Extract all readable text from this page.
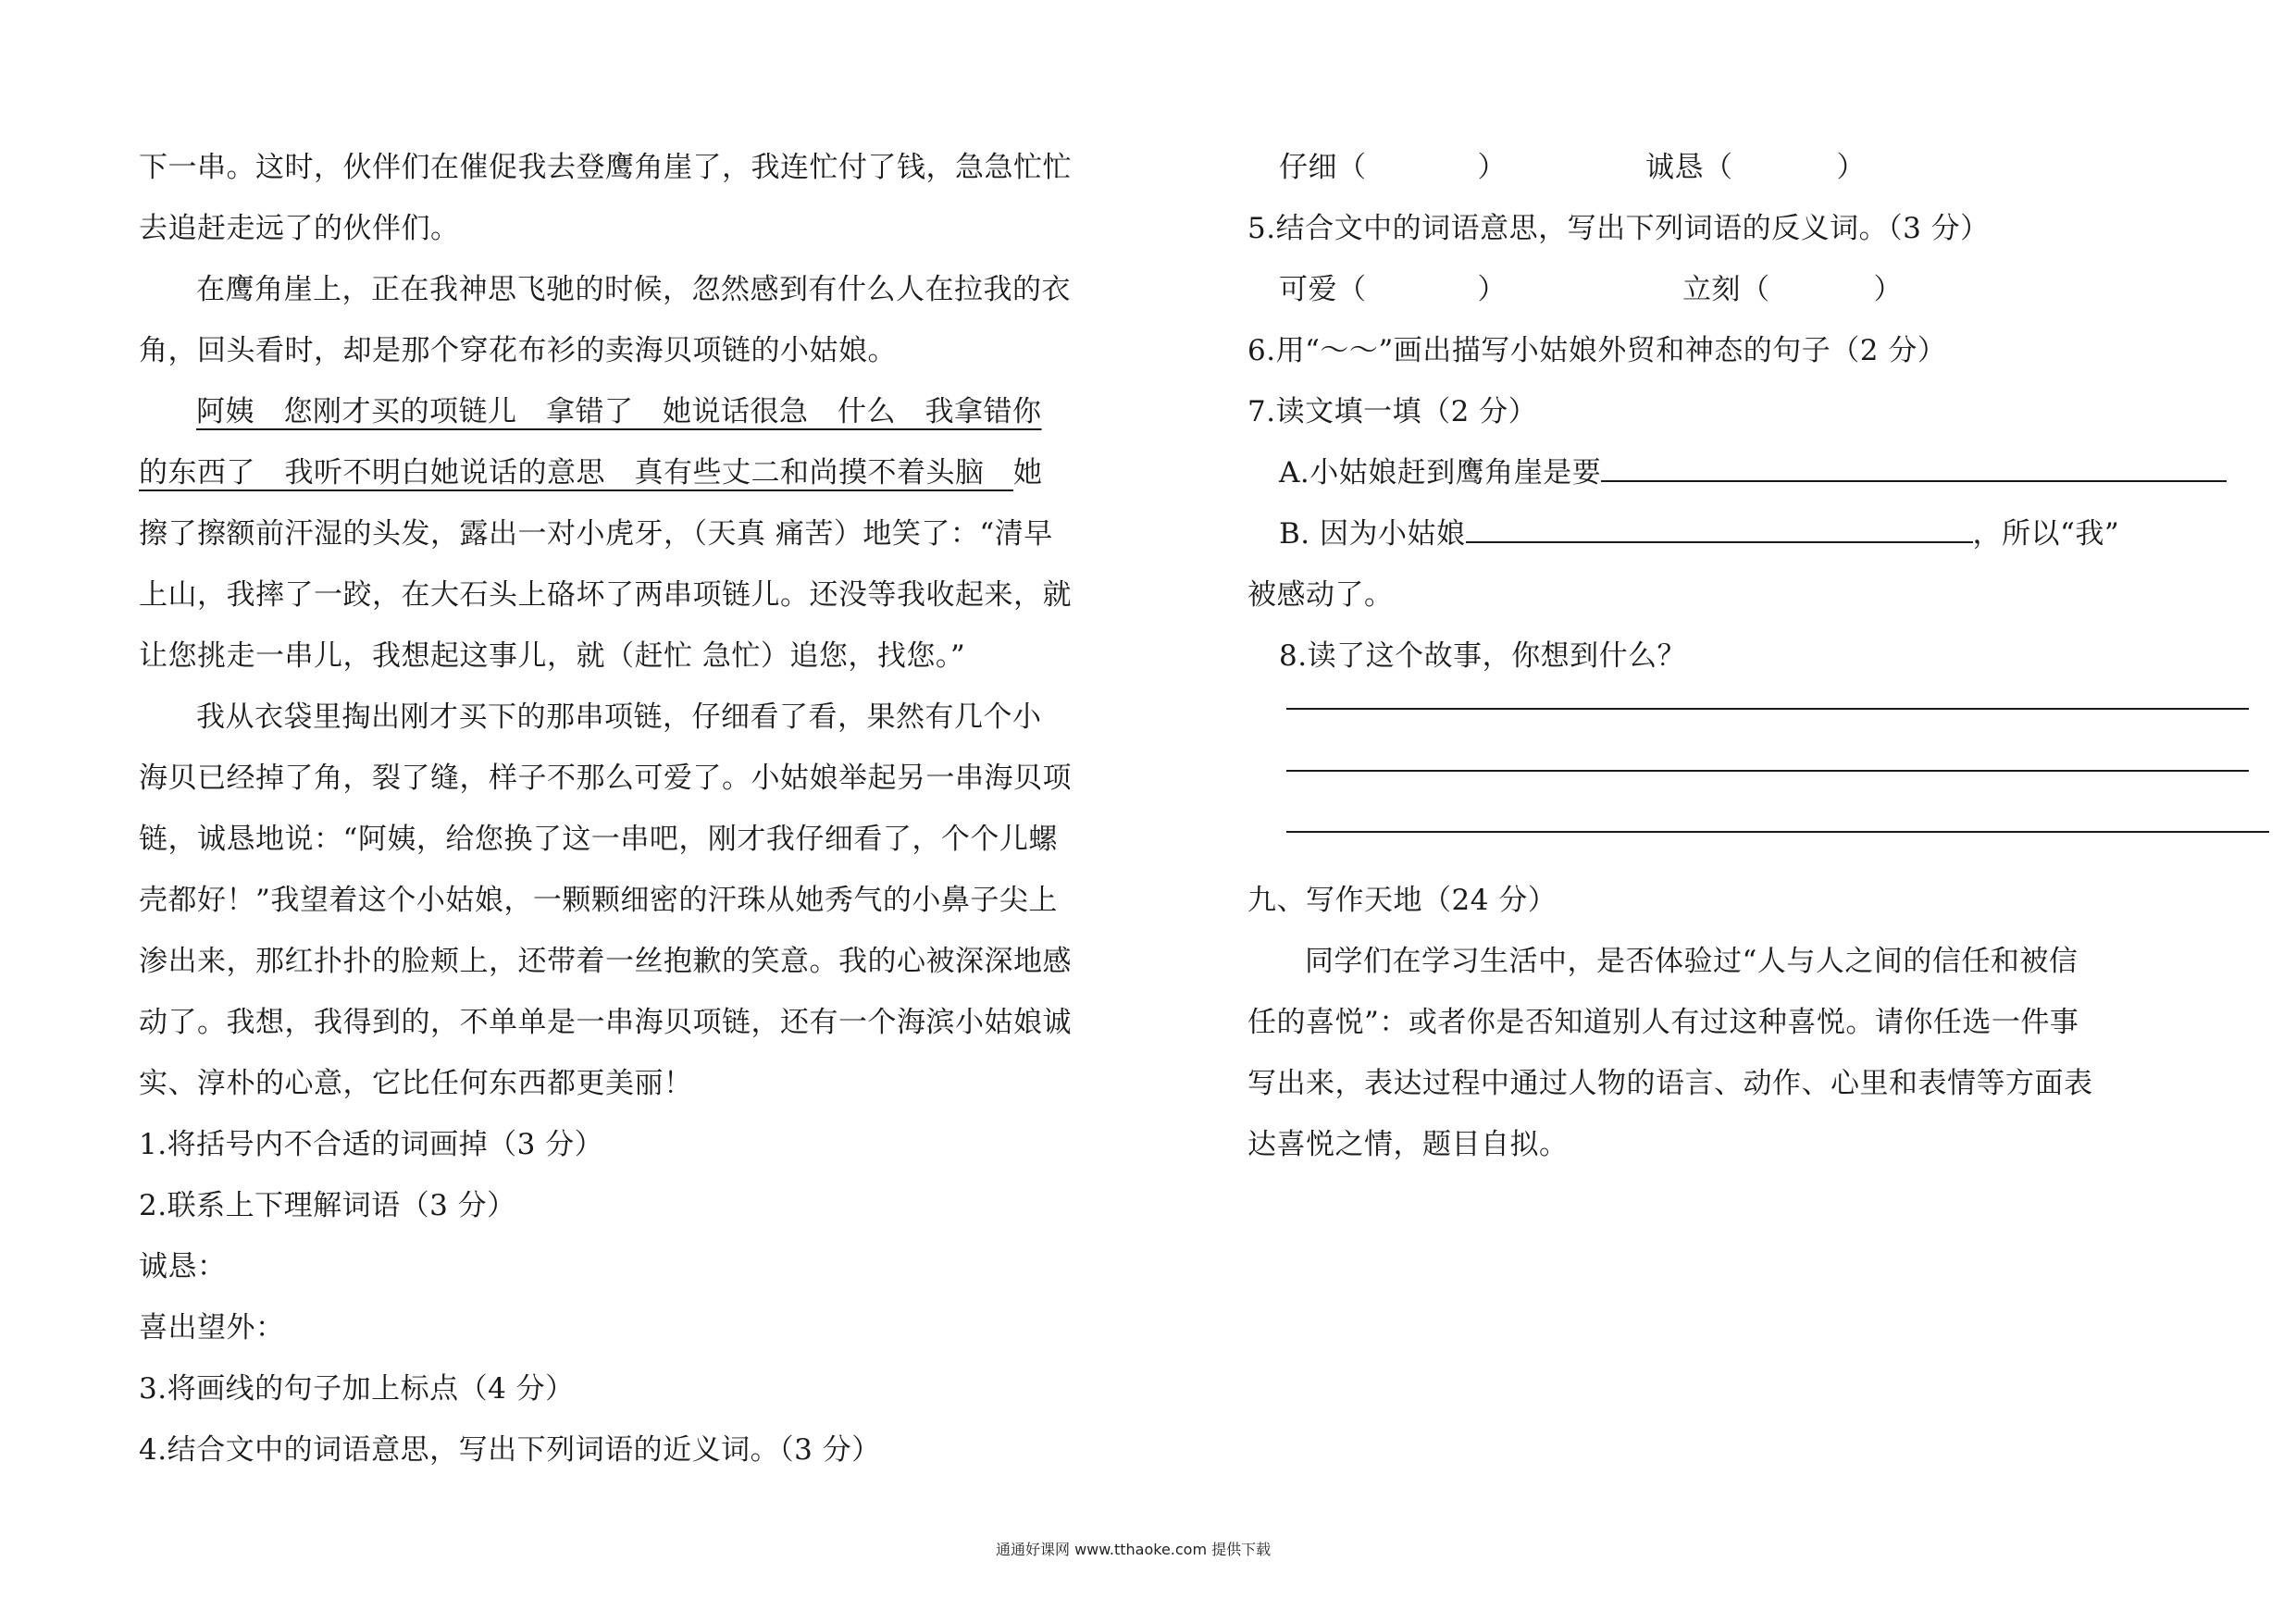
下一串。这时，伙伴们在催促我去登鹰角崖了，我连忙付了钱，急急忙忙
去追赶走远了的伙伴们。
在鹰角崖上，正在我神思飞驰的时候，忽然感到有什么人在拉我的衣
角，回头看时，却是那个穿花布衫的卖海贝项链的小姑娘。
阿姨　您刚才买的项链儿　拿错了　她说话很急　什么　我拿错你
的东西了　我听不明白她说话的意思　真有些丈二和尚摸不着头脑　她
擦了擦额前汗湿的头发，露出一对小虎牙，（天真 痛苦）地笑了：“清早
上山，我摔了一跤，在大石头上硌坏了两串项链儿。还没等我收起来，就
让您挑走一串儿，我想起这事儿，就（赶忙 急忙）追您，找您。”
我从衣袋里掏出刚才买下的那串项链，仔细看了看，果然有几个小
海贝已经掉了角，裂了缝，样子不那么可爱了。小姑娘举起另一串海贝项
链，诚恳地说：“阿姨，给您换了这一串吧，刚才我仔细看了，个个儿螺
壳都好！”我望着这个小姑娘，一颗颗细密的汗珠从她秀气的小鼻子尖上
渗出来，那红扑扑的脸颊上，还带着一丝抱歉的笑意。我的心被深深地感
动了。我想，我得到的，不单单是一串海贝项链，还有一个海滨小姑娘诚
实、淳朴的心意，它比任何东西都更美丽！
1.将括号内不合适的词画掉（3 分）
2.联系上下理解词语（3 分）
诚恳：
喜出望外：
3.将画线的句子加上标点（4 分）
4.结合文中的词语意思，写出下列词语的近义词。（3 分）
仔细（	）	诚恳（	）
5.结合文中的词语意思，写出下列词语的反义词。（3 分）
可爱（	）	立刻（	）
6.用“～～”画出描写小姑娘外贸和神态的句子（2 分）
7.读文填一填（2 分）
A.小姑娘赶到鹰角崖是要
B. 因为小姑娘	，所以“我”
被感动了。
8.读了这个故事，你想到什么？
九、写作天地（24 分）
同学们在学习生活中，是否体验过“人与人之间的信任和被信
任的喜悦”：或者你是否知道别人有过这种喜悦。请你任选一件事
写出来，表达过程中通过人物的语言、动作、心里和表情等方面表
达喜悦之情，题目自拟。
通通好课网 www.tthaoke.com 提供下载
